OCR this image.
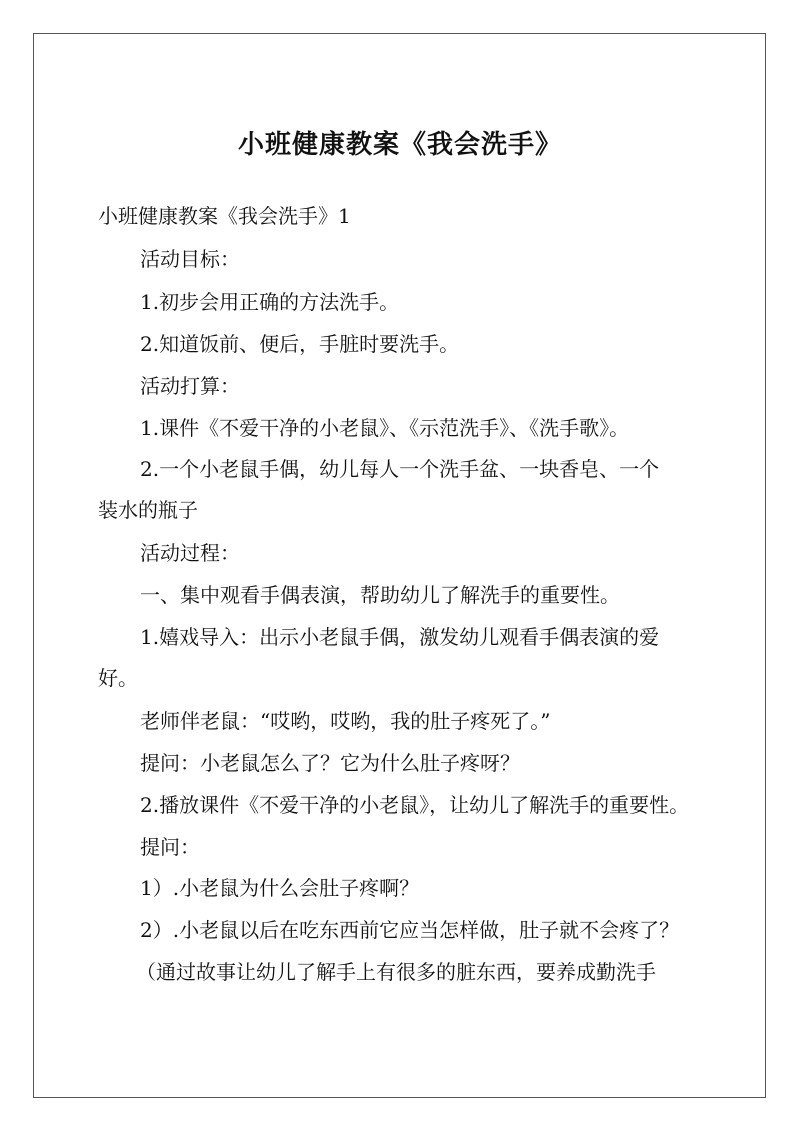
小班健康教案《我会洗手》
小班健康教案《我会洗手》1
活动目标：
1.初步会用正确的方法洗手。
2.知道饭前、便后，手脏时要洗手。
活动打算：
1.课件《不爱干净的小老鼠》、《示范洗手》、《洗手歌》。
2.一个小老鼠手偶，幼儿每人一个洗手盆、一块香皂、一个
装水的瓶子
活动过程：
一、集中观看手偶表演，帮助幼儿了解洗手的重要性。
1.嬉戏导入：出示小老鼠手偶，激发幼儿观看手偶表演的爱
好。
老师伴老鼠：“哎哟，哎哟，我的肚子疼死了。”
提问：小老鼠怎么了？它为什么肚子疼呀？
2.播放课件《不爱干净的小老鼠》，让幼儿了解洗手的重要性。
提问：
1）.小老鼠为什么会肚子疼啊？
2）.小老鼠以后在吃东西前它应当怎样做，肚子就不会疼了？
（通过故事让幼儿了解手上有很多的脏东西，要养成勤洗手
